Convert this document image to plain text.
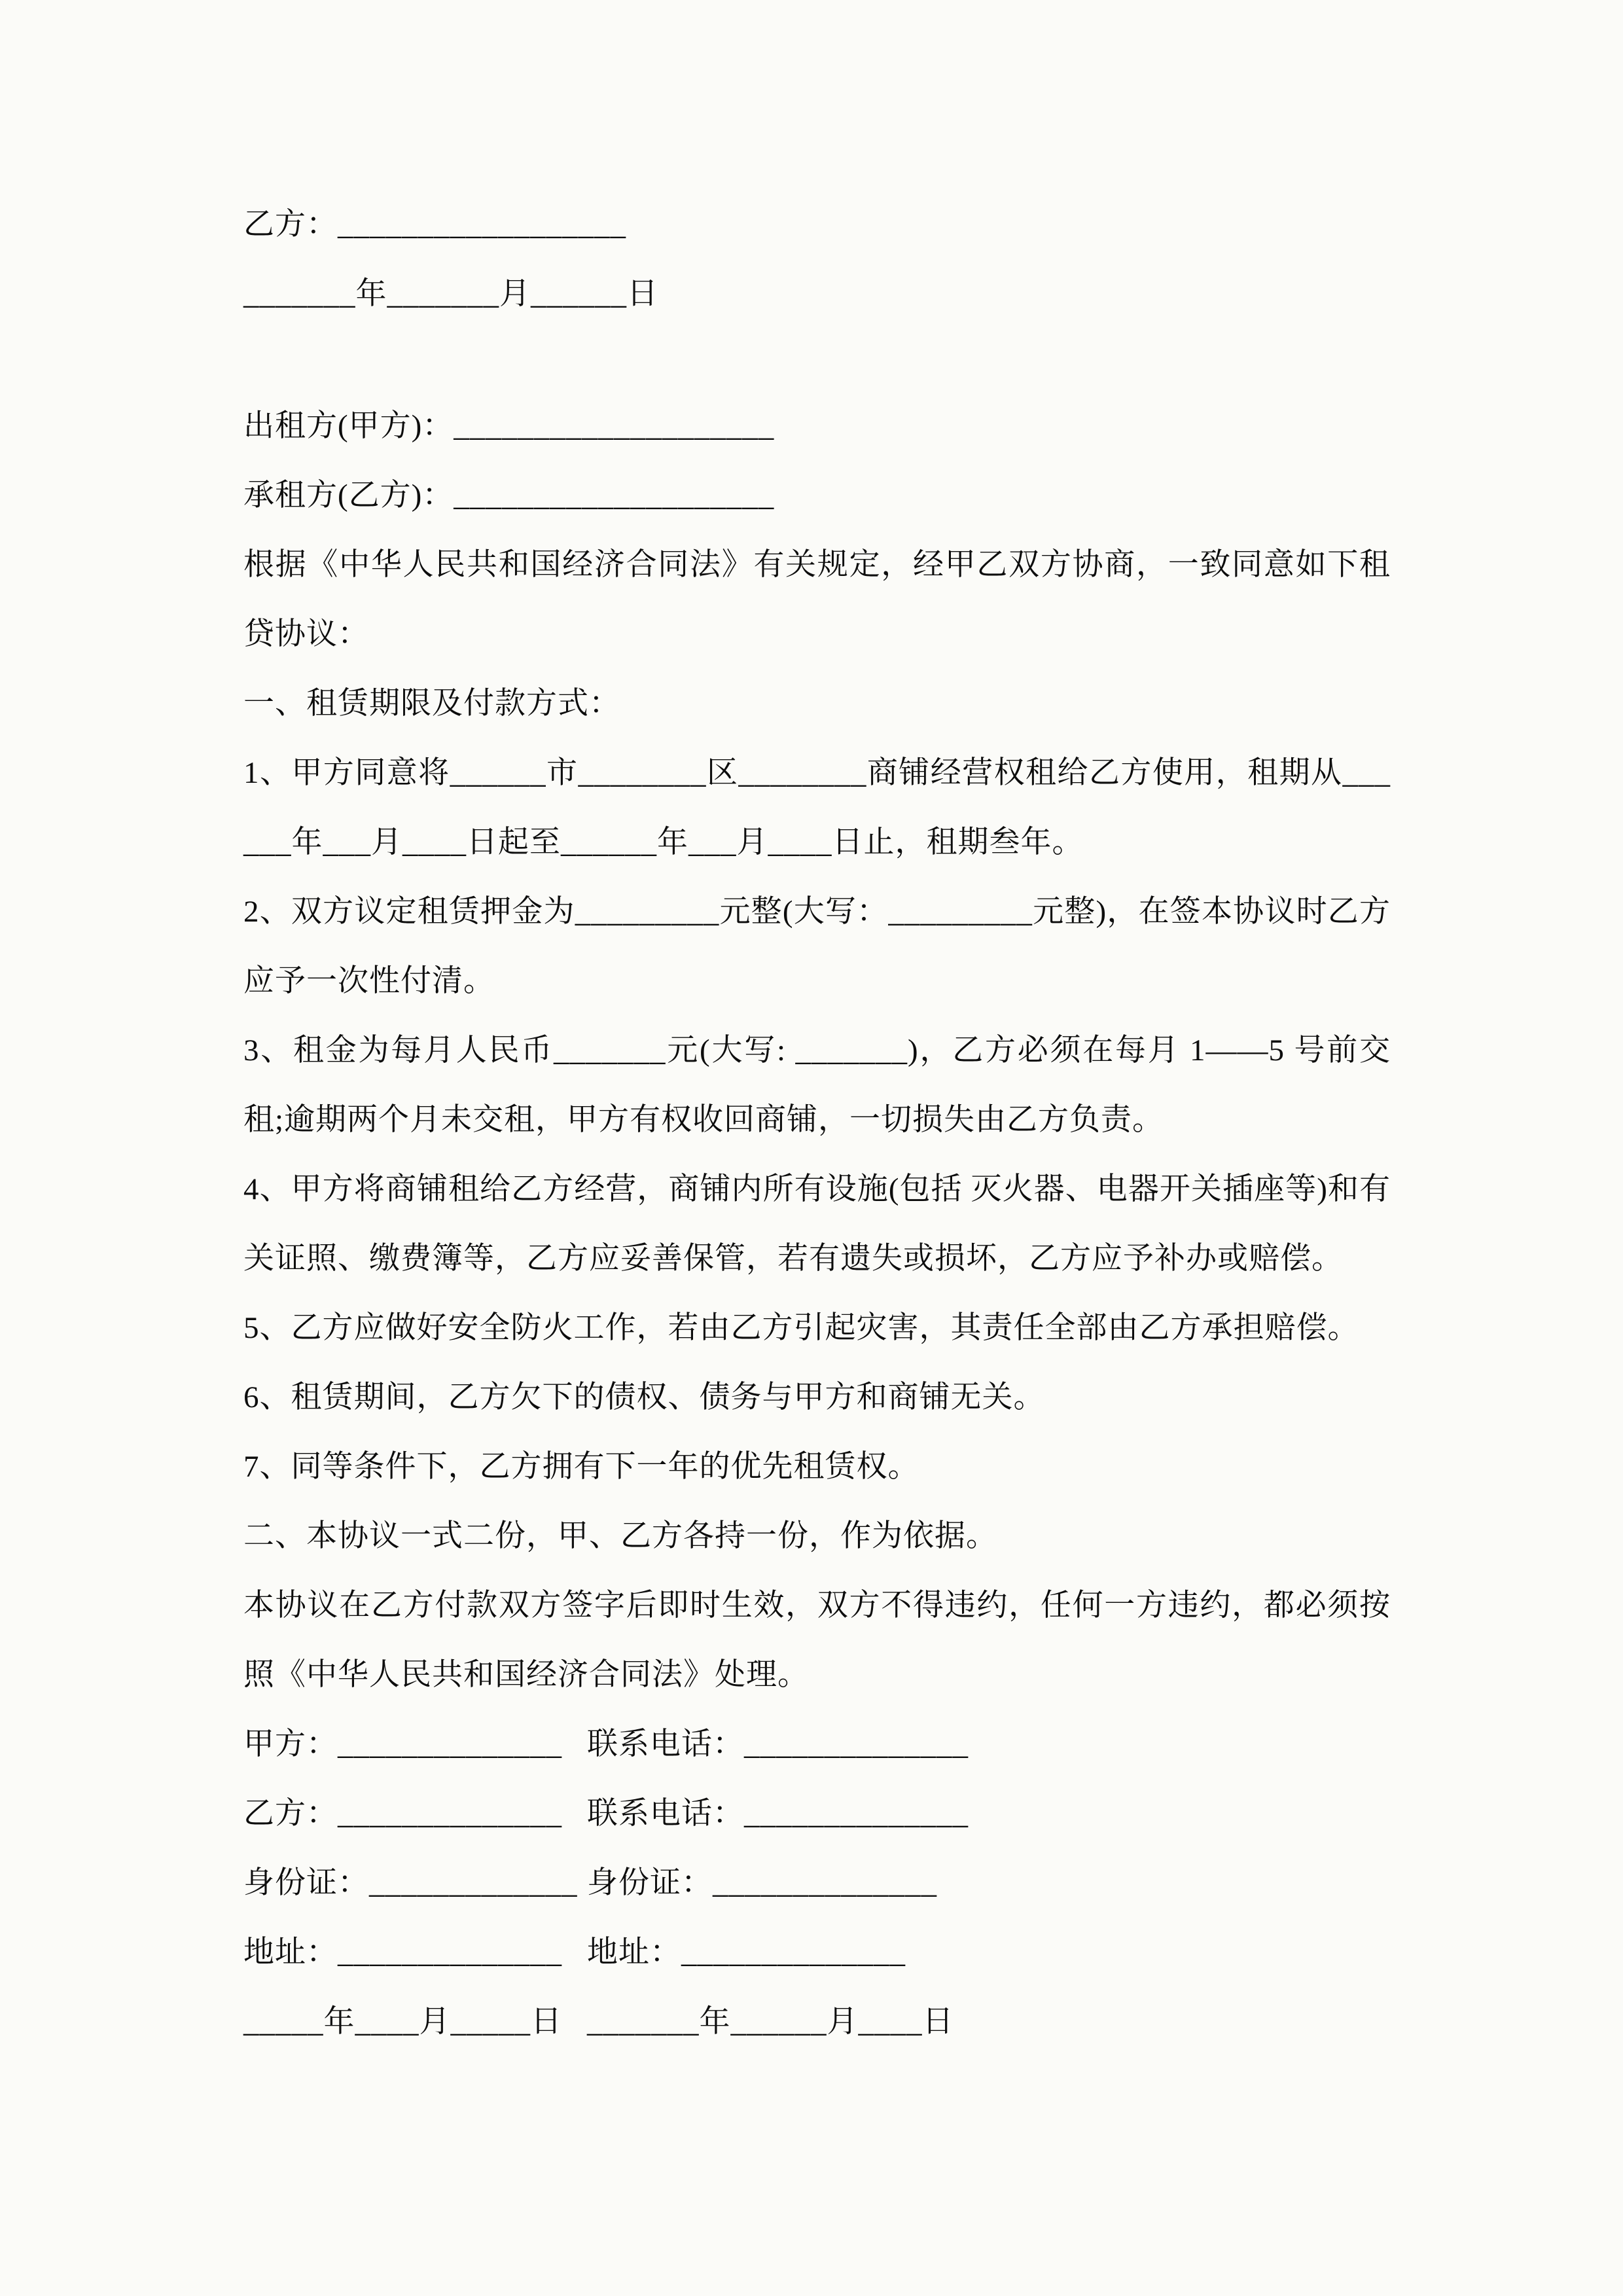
乙方：__________________

_______年_______月______日

出租方(甲方)：____________________

承租方(乙方)：____________________

根据《中华人民共和国经济合同法》有关规定，经甲乙双方协商，一致同意如下租贷协议：

一、租赁期限及付款方式：

1、甲方同意将______市________区________商铺经营权租给乙方使用，租期从______年___月____日起至______年___月____日止，租期叁年。

2、双方议定租赁押金为_________元整(大写：_________元整)，在签本协议时乙方应予一次性付清。

3、租金为每月人民币_______元(大写: _______)，乙方必须在每月 1——5 号前交租;逾期两个月未交租，甲方有权收回商铺，一切损失由乙方负责。

4、甲方将商铺租给乙方经营，商铺内所有设施(包括 灭火器、电器开关插座等)和有关证照、缴费簿等，乙方应妥善保管，若有遗失或损坏，乙方应予补办或赔偿。

5、乙方应做好安全防火工作，若由乙方引起灾害，其责任全部由乙方承担赔偿。

6、租赁期间，乙方欠下的债权、债务与甲方和商铺无关。

7、同等条件下，乙方拥有下一年的优先租赁权。

二、本协议一式二份，甲、乙方各持一份，作为依据。

本协议在乙方付款双方签字后即时生效，双方不得违约，任何一方违约，都必须按照《中华人民共和国经济合同法》处理。

甲方：______________ 联系电话：______________
乙方：______________ 联系电话：______________
身份证：_____________ 身份证：______________
地址：______________ 地址：______________
_____年____月_____日 _______年______月____日
